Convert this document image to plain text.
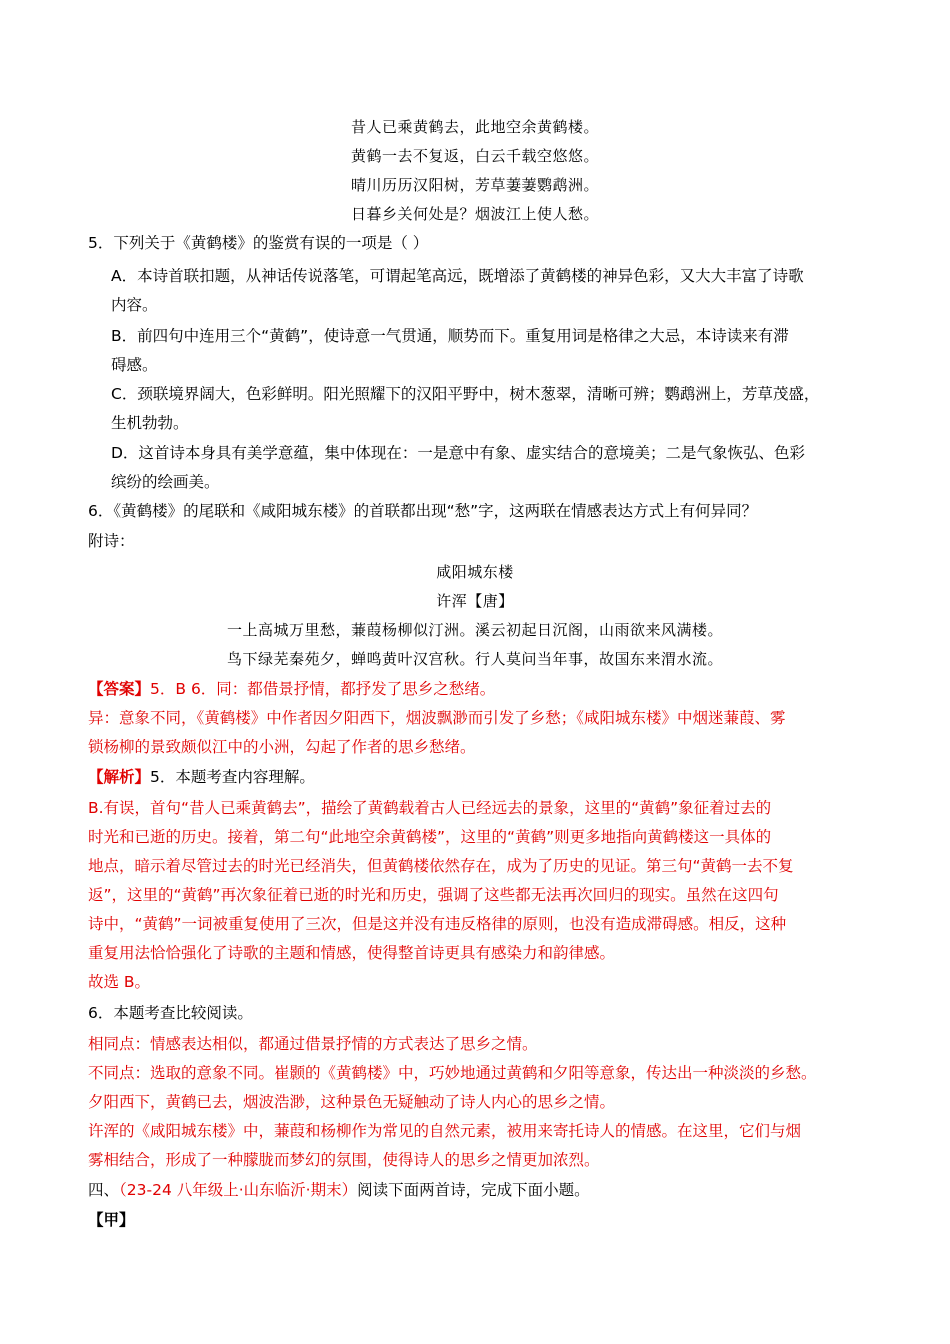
昔人已乘黄鹤去，此地空余黄鹤楼。
黄鹤一去不复返，白云千载空悠悠。
晴川历历汉阳树，芳草萋萋鹦鹉洲。
日暮乡关何处是？烟波江上使人愁。
5．下列关于《黄鹤楼》的鉴赏有误的一项是（ ）
A．本诗首联扣题，从神话传说落笔，可谓起笔高远，既增添了黄鹤楼的神异色彩，又大大丰富了诗歌
内容。
B．前四句中连用三个“黄鹤”，使诗意一气贯通，顺势而下。重复用词是格律之大忌，本诗读来有滞
碍感。
C．颈联境界阔大，色彩鲜明。阳光照耀下的汉阳平野中，树木葱翠，清晰可辨；鹦鹉洲上，芳草茂盛，
生机勃勃。
D．这首诗本身具有美学意蕴，集中体现在：一是意中有象、虚实结合的意境美；二是气象恢弘、色彩
缤纷的绘画美。
6．《黄鹤楼》的尾联和《咸阳城东楼》的首联都出现“愁”字，这两联在情感表达方式上有何异同？
附诗：
咸阳城东楼
许浑【唐】
一上高城万里愁，蒹葭杨柳似汀洲。溪云初起日沉阁，山雨欲来风满楼。
鸟下绿芜秦苑夕，蝉鸣黄叶汉宫秋。行人莫问当年事，故国东来渭水流。
【答案】5．B 6．同：都借景抒情，都抒发了思乡之愁绪。
异：意象不同，《黄鹤楼》中作者因夕阳西下，烟波飘渺而引发了乡愁；《咸阳城东楼》中烟迷蒹葭、雾
锁杨柳的景致颇似江中的小洲，勾起了作者的思乡愁绪。
【解析】5．本题考查内容理解。
B.有误，首句“昔人已乘黄鹤去”，描绘了黄鹤载着古人已经远去的景象，这里的“黄鹤”象征着过去的
时光和已逝的历史。接着，第二句“此地空余黄鹤楼”，这里的“黄鹤”则更多地指向黄鹤楼这一具体的
地点，暗示着尽管过去的时光已经消失，但黄鹤楼依然存在，成为了历史的见证。第三句“黄鹤一去不复
返”，这里的“黄鹤”再次象征着已逝的时光和历史，强调了这些都无法再次回归的现实。虽然在这四句
诗中，“黄鹤”一词被重复使用了三次，但是这并没有违反格律的原则，也没有造成滞碍感。相反，这种
重复用法恰恰强化了诗歌的主题和情感，使得整首诗更具有感染力和韵律感。
故选 B。
6．本题考查比较阅读。
相同点：情感表达相似，都通过借景抒情的方式表达了思乡之情。
不同点：选取的意象不同。崔颢的《黄鹤楼》中，巧妙地通过黄鹤和夕阳等意象，传达出一种淡淡的乡愁。
夕阳西下，黄鹤已去，烟波浩渺，这种景色无疑触动了诗人内心的思乡之情。
许浑的《咸阳城东楼》中，蒹葭和杨柳作为常见的自然元素，被用来寄托诗人的情感。在这里，它们与烟
雾相结合，形成了一种朦胧而梦幻的氛围，使得诗人的思乡之情更加浓烈。
四、（23-24 八年级上·山东临沂·期末）阅读下面两首诗，完成下面小题。
【甲】
